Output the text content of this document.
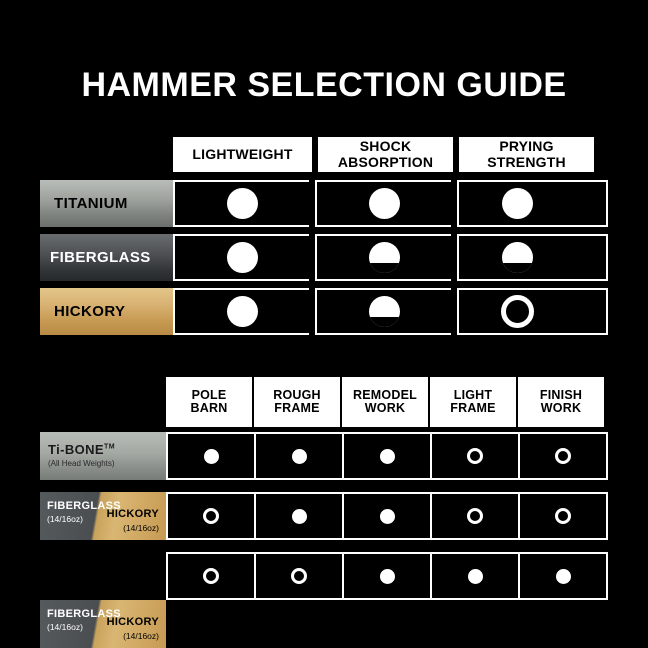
HAMMER SELECTION GUIDE
LIGHTWEIGHT	SHOCK
ABSORPTION
PRYING
STRENGTH
TITANIUM
FIBERGLASS
HICKORY
POLE
BARN
ROUGH
FRAME
REMODEL
WORK
LIGHT
FRAME
FINISH
WORK
Ti-BONE™
(All Head Weights)
FIBERGLASS
(14/16oz) HICKORY
(14/16oz)
FIBERGLASS
(14/16oz) HICKORY
(14/16oz)
